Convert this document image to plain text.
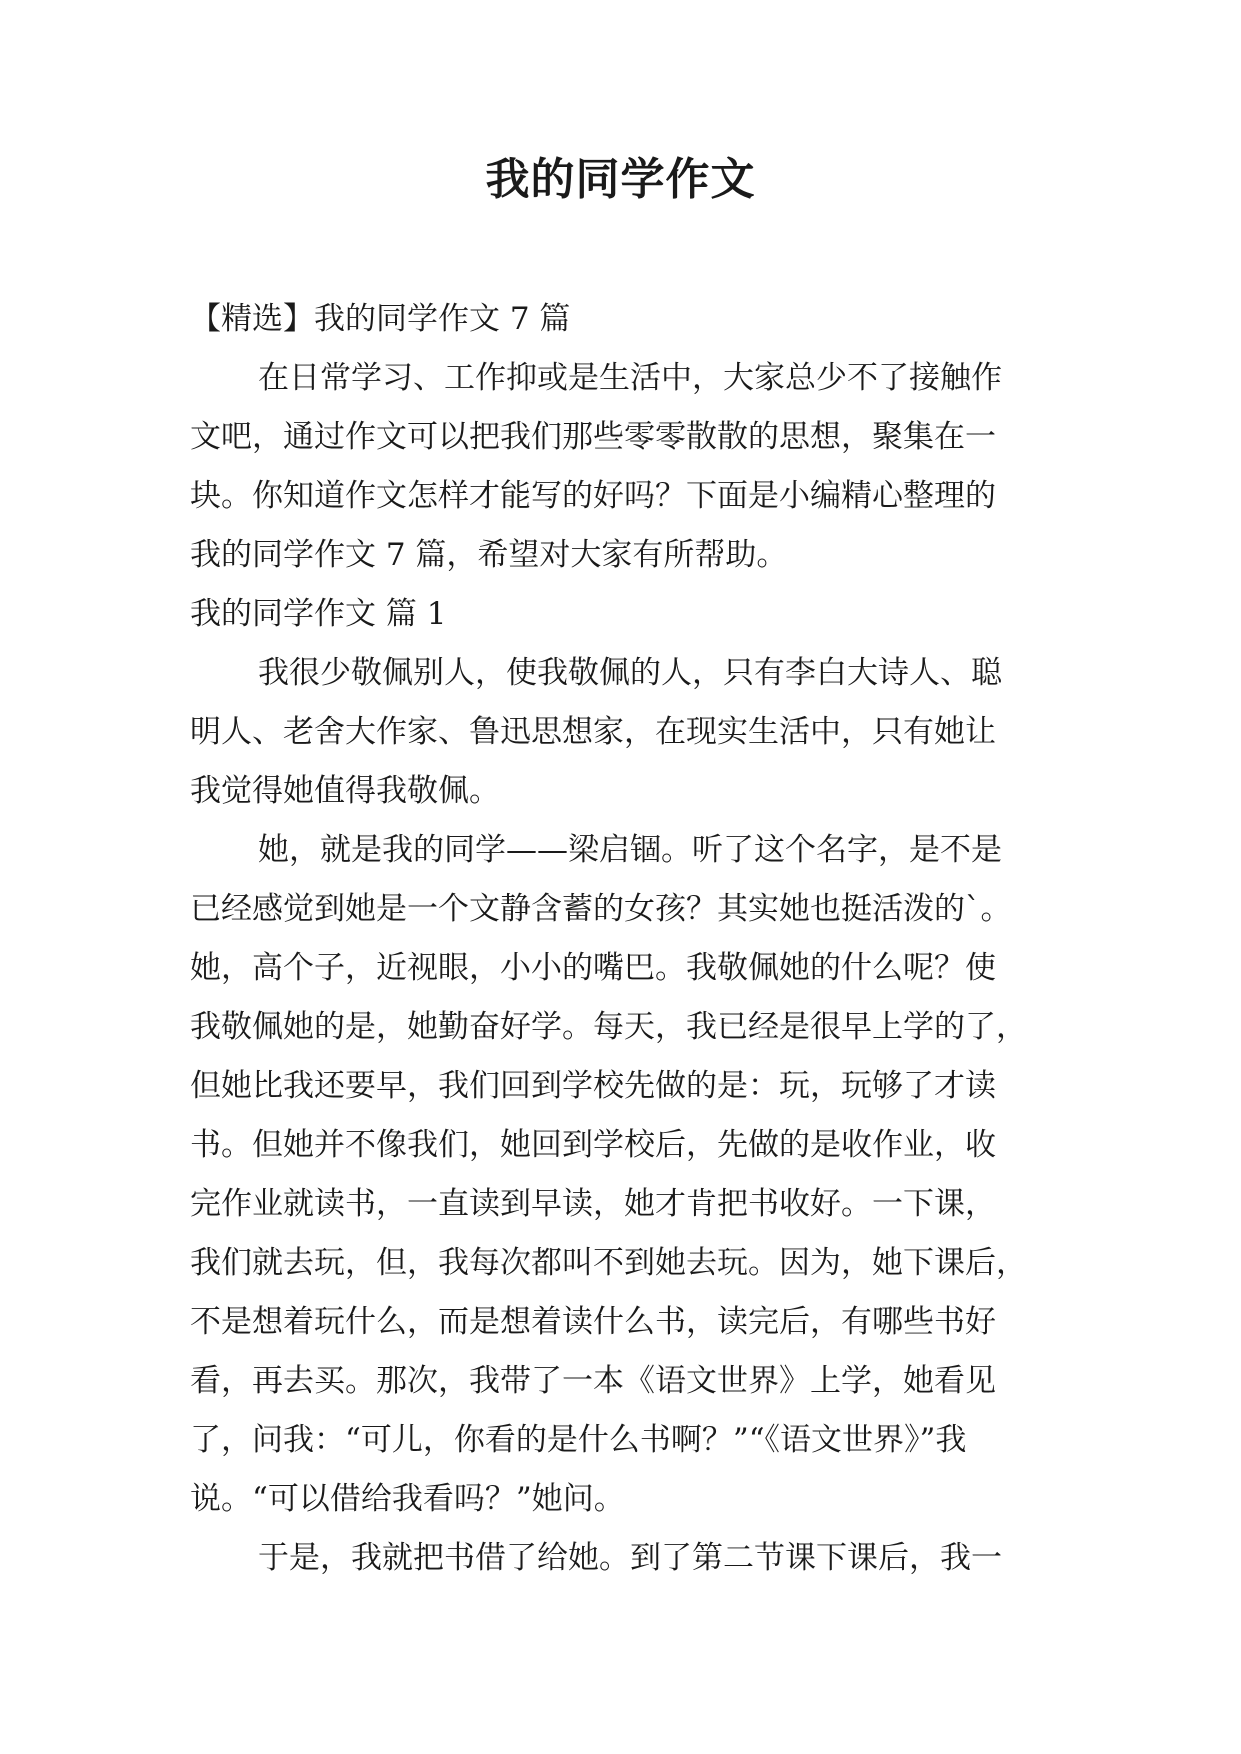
我的同学作文
【精选】我的同学作文 7 篇
在日常学习、工作抑或是生活中，大家总少不了接触作
文吧，通过作文可以把我们那些零零散散的思想，聚集在一
块。你知道作文怎样才能写的好吗？下面是小编精心整理的
我的同学作文 7 篇，希望对大家有所帮助。
我的同学作文 篇 1
我很少敬佩别人，使我敬佩的人，只有李白大诗人、聪
明人、老舍大作家、鲁迅思想家，在现实生活中，只有她让
我觉得她值得我敬佩。
她，就是我的同学——梁启锢。听了这个名字，是不是
已经感觉到她是一个文静含蓄的女孩？其实她也挺活泼的`。
她，高个子，近视眼，小小的嘴巴。我敬佩她的什么呢？使
我敬佩她的是，她勤奋好学。每天，我已经是很早上学的了，
但她比我还要早，我们回到学校先做的是：玩，玩够了才读
书。但她并不像我们，她回到学校后，先做的是收作业，收
完作业就读书，一直读到早读，她才肯把书收好。一下课，
我们就去玩，但，我每次都叫不到她去玩。因为，她下课后，
不是想着玩什么，而是想着读什么书，读完后，有哪些书好
看，再去买。那次，我带了一本《语文世界》上学，她看见
了，问我：“可儿，你看的是什么书啊？”“《语文世界》”我
说。“可以借给我看吗？”她问。
于是，我就把书借了给她。到了第二节课下课后，我一
